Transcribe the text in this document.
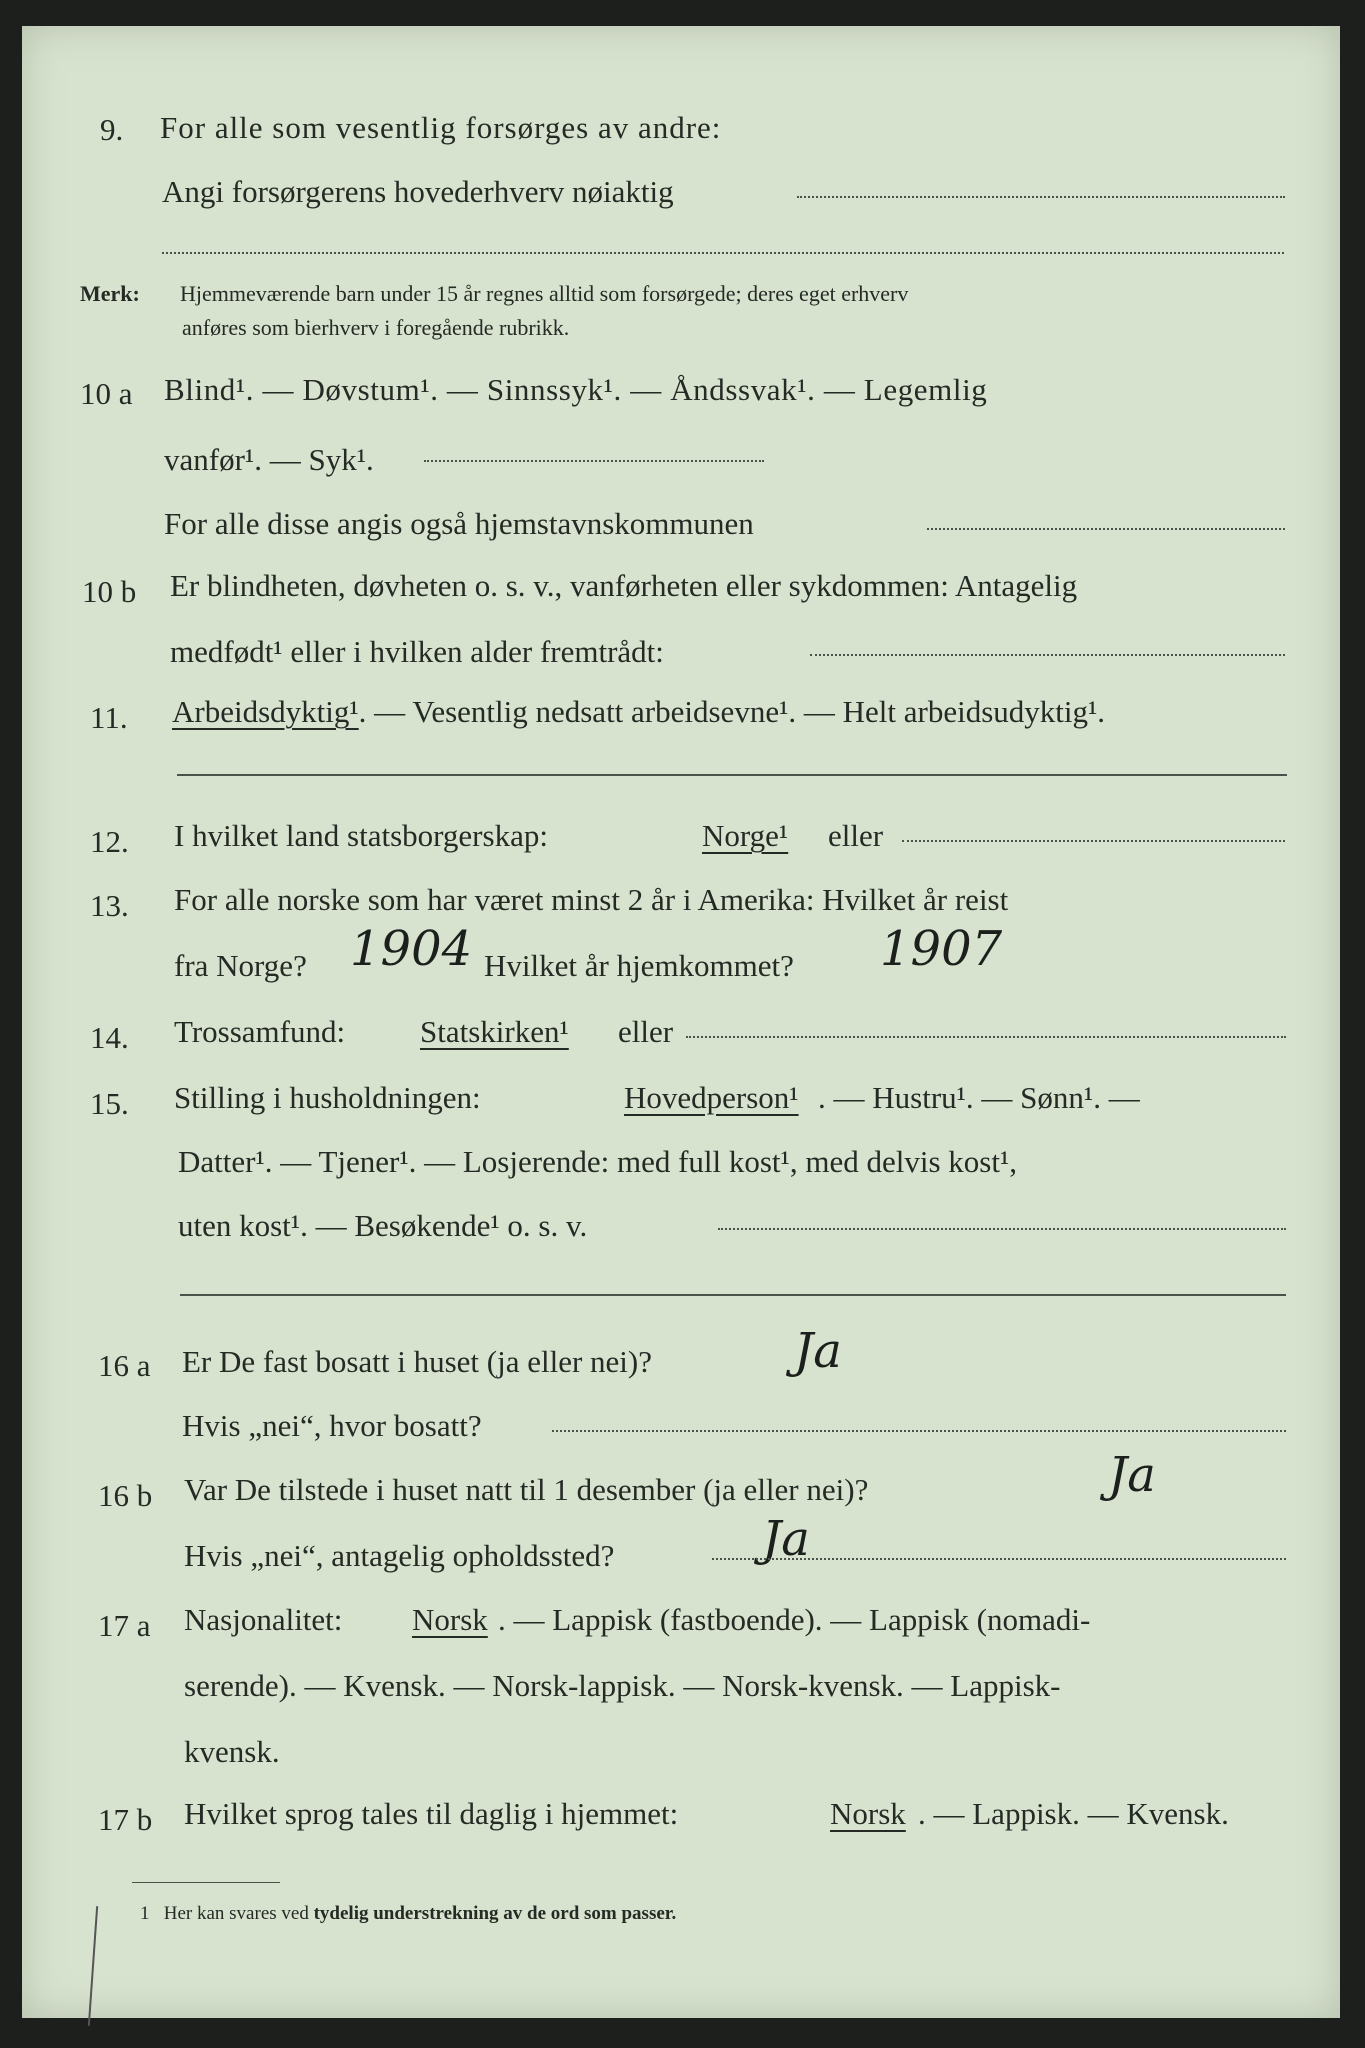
9. For alle som vesentlig forsørges av andre:
Angi forsørgerens hovederhverv nøiaktig
Merk: Hjemmeværende barn under 15 år regnes alltid som forsørgede; deres eget erhverv
anføres som bierhverv i foregående rubrikk.
10 a Blind¹. — Døvstum¹. — Sinnssyk¹. — Åndssvak¹. — Legemlig
vanfør¹. — Syk¹.
For alle disse angis også hjemstavnskommunen
10 b Er blindheten, døvheten o. s. v., vanførheten eller sykdommen: Antagelig
medfødt¹ eller i hvilken alder fremtrådt:
11. Arbeidsdyktig¹. — Vesentlig nedsatt arbeidsevne¹. — Helt arbeidsudyktig¹.
12. I hvilket land statsborgerskap:	Norge¹ eller
13. For alle norske som har været minst 2 år i Amerika: Hvilket år reist
fra Norge? 1904 Hvilket år hjemkommet? 1907
14. Trossamfund: Statskirken¹ eller
15. Stilling i husholdningen:	Hovedperson¹ . — Hustru¹. — Sønn¹. —
Datter¹. — Tjener¹. — Losjerende: med full kost¹, med delvis kost¹,
uten kost¹. — Besøkende¹ o. s. v.
16 a Er De fast bosatt i huset (ja eller nei)?	Ja
Hvis „nei“, hvor bosatt?
16 b Var De tilstede i huset natt til 1 desember (ja eller nei)?	Ja
Hvis „nei“, antagelig opholdssted?	Ja
17 a Nasjonalitet: Norsk . — Lappisk (fastboende). — Lappisk (nomadi-
serende). — Kvensk. — Norsk-lappisk. — Norsk-kvensk. — Lappisk-
kvensk.
17 b Hvilket sprog tales til daglig i hjemmet:	Norsk . — Lappisk. — Kvensk.
1 Her kan svares ved tydelig understrekning av de ord som passer.
